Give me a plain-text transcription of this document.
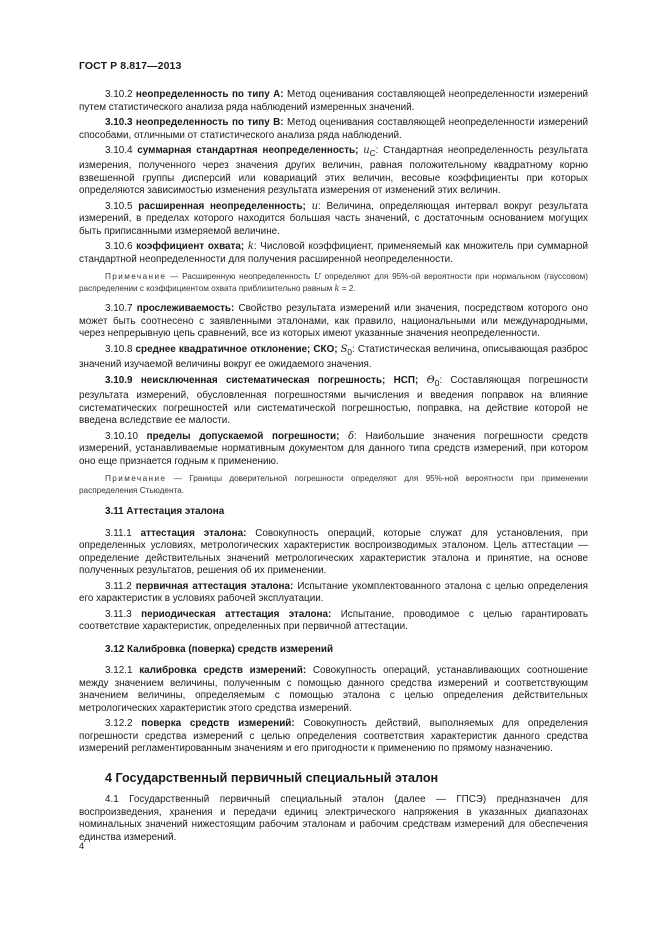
ГОСТ Р 8.817—2013

3.10.2 неопределенность по типу А: Метод оценивания составляющей неопределенности измерений путем статистического анализа ряда наблюдений измеренных значений.

3.10.3 неопределенность по типу В: Метод оценивания составляющей неопределенности измерений способами, отличными от статистического анализа ряда наблюдений.

3.10.4 суммарная стандартная неопределенность; $u_C$: Стандартная неопределенность результата измерения, полученного через значения других величин, равная положительному квадратному корню взвешенной группы дисперсий или ковариаций этих величин, весовые коэффициенты при которых определяются зависимостью изменения результата измерения от изменений этих величин.

3.10.5 расширенная неопределенность; u: Величина, определяющая интервал вокруг результата измерений, в пределах которого находится большая часть значений, с достаточным основанием могущих быть приписанными измеряемой величине.

3.10.6 коэффициент охвата; k: Числовой коэффициент, применяемый как множитель при суммарной стандартной неопределенности для получения расширенной неопределенности.

Примечание — Расширенную неопределенность U определяют для 95%-ой вероятности при нормальном (гауссовом) распределении с коэффициентом охвата приблизительно равным k = 2.

3.10.7 прослеживаемость: Свойство результата измерений или значения, посредством которого оно может быть соотнесено с заявленными эталонами, как правило, национальными или международными, через непрерывную цепь сравнений, все из которых имеют указанные значения неопределенности.

3.10.8 среднее квадратичное отклонение; СКО; $S_0$: Статистическая величина, описывающая разброс значений изучаемой величины вокруг ее ожидаемого значения.

3.10.9 неисключенная систематическая погрешность; НСП; $\Theta_0$: Составляющая погрешности результата измерений, обусловленная погрешностями вычисления и введения поправок на влияние систематических погрешностей или систематической погрешностью, поправка, на действие которой не введена вследствие ее малости.

3.10.10 пределы допускаемой погрешности; δ: Наибольшие значения погрешности средств измерений, устанавливаемые нормативным документом для данного типа средств измерений, при котором оно еще признается годным к применению.

Примечание — Границы доверительной погрешности определяют для 95%-ной вероятности при применении распределения Стьюдента.

3.11 Аттестация эталона

3.11.1 аттестация эталона: Совокупность операций, которые служат для установления, при определенных условиях, метрологических характеристик воспроизводимых эталоном. Цель аттестации — определение действительных значений метрологических характеристик эталона и принятие, на основе полученных результатов, решения об их применении.

3.11.2 первичная аттестация эталона: Испытание укомплектованного эталона с целью определения его характеристик в условиях рабочей эксплуатации.

3.11.3 периодическая аттестация эталона: Испытание, проводимое с целью гарантировать соответствие характеристик, определенных при первичной аттестации.

3.12 Калибровка (поверка) средств измерений

3.12.1 калибровка средств измерений: Совокупность операций, устанавливающих соотношение между значением величины, полученным с помощью данного средства измерений и соответствующим значением величины, определяемым с помощью эталона с целью определения действительных метрологических характеристик этого средства измерений.

3.12.2 поверка средств измерений: Совокупность действий, выполняемых для определения погрешности средства измерений с целью определения соответствия характеристик данного средства измерений регламентированным значениям и его пригодности к применению по прямому назначению.

4 Государственный первичный специальный эталон

4.1 Государственный первичный специальный эталон (далее — ГПСЭ) предназначен для воспроизведения, хранения и передачи единиц электрического напряжения в указанных диапазонах номинальных значений нижестоящим рабочим эталонам и рабочим средствам измерений для обеспечения единства измерений.

4
